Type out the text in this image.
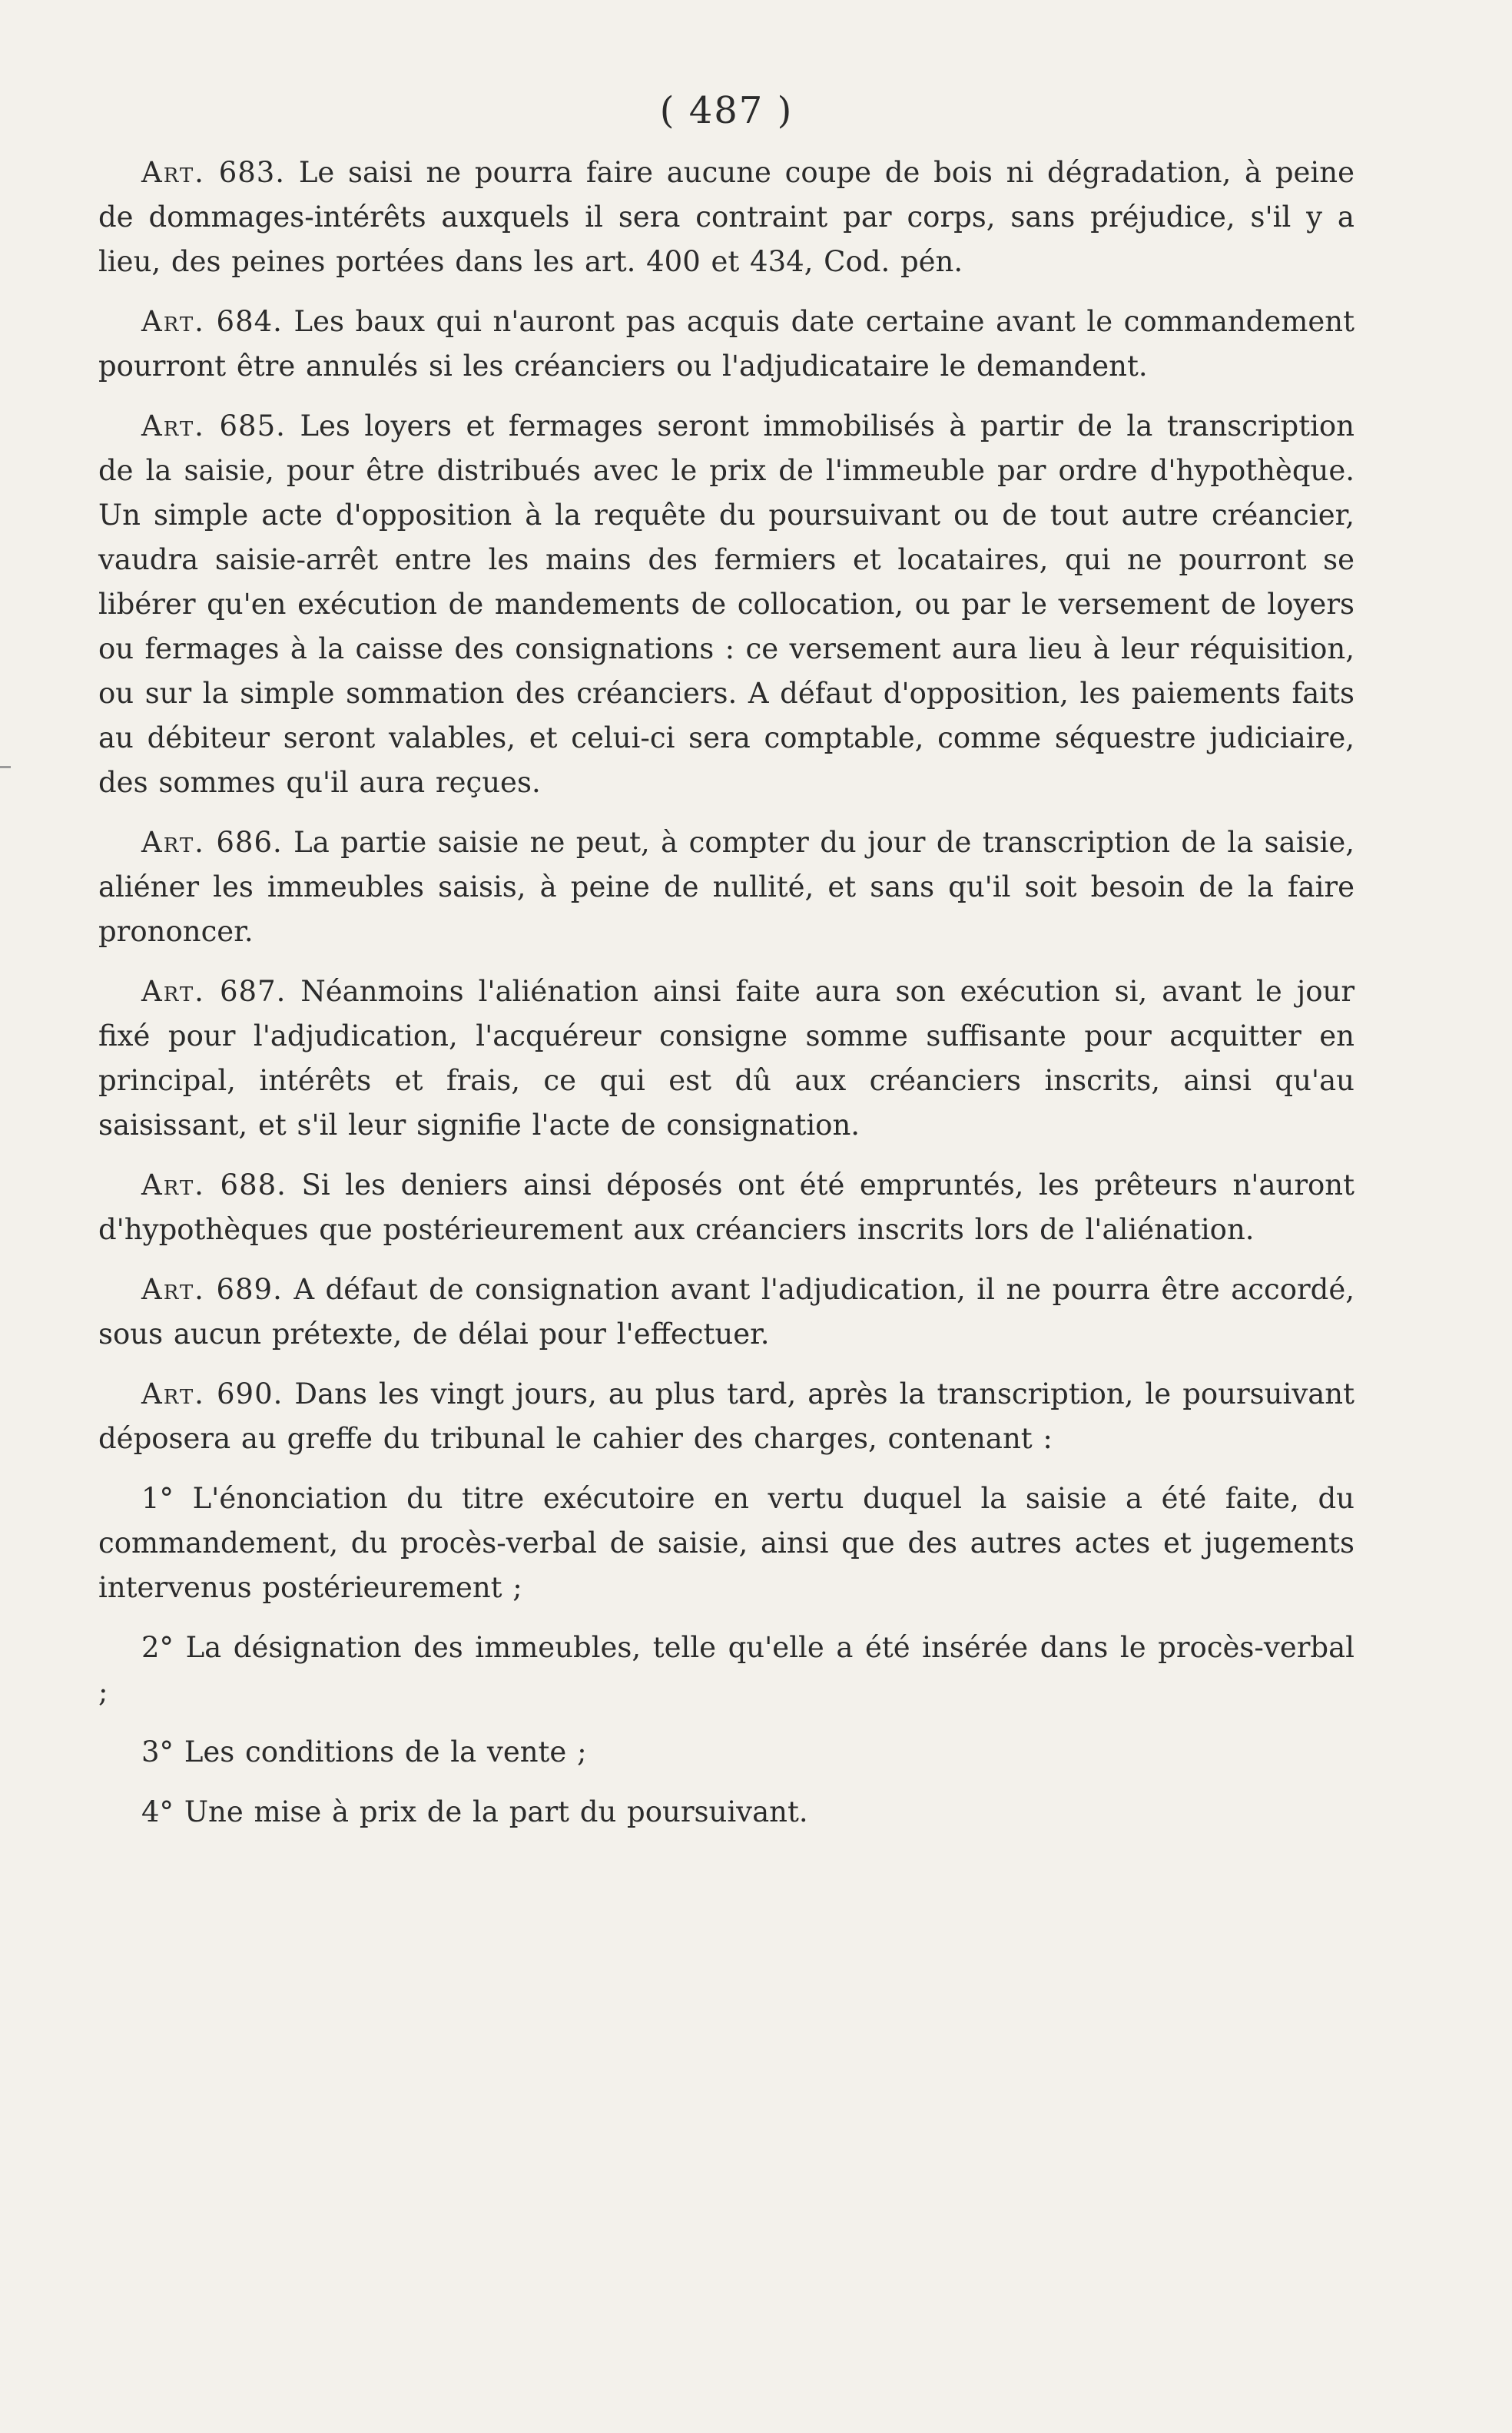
( 487 )

Art. 683. Le saisi ne pourra faire aucune coupe de bois ni dégradation, à peine de dommages-intérêts auxquels il sera contraint par corps, sans préjudice, s'il y a lieu, des peines portées dans les art. 400 et 434, Cod. pén.

Art. 684. Les baux qui n'auront pas acquis date certaine avant le commandement pourront être annulés si les créanciers ou l'adjudicataire le demandent.

Art. 685. Les loyers et fermages seront immobilisés à partir de la transcription de la saisie, pour être distribués avec le prix de l'immeuble par ordre d'hypothèque. Un simple acte d'opposition à la requête du poursuivant ou de tout autre créancier, vaudra saisie-arrêt entre les mains des fermiers et locataires, qui ne pourront se libérer qu'en exécution de mandements de collocation, ou par le versement de loyers ou fermages à la caisse des consignations : ce versement aura lieu à leur réquisition, ou sur la simple sommation des créanciers. A défaut d'opposition, les paiements faits au débiteur seront valables, et celui-ci sera comptable, comme séquestre judiciaire, des sommes qu'il aura reçues.

Art. 686. La partie saisie ne peut, à compter du jour de transcription de la saisie, aliéner les immeubles saisis, à peine de nullité, et sans qu'il soit besoin de la faire prononcer.

Art. 687. Néanmoins l'aliénation ainsi faite aura son exécution si, avant le jour fixé pour l'adjudication, l'acquéreur consigne somme suffisante pour acquitter en principal, intérêts et frais, ce qui est dû aux créanciers inscrits, ainsi qu'au saisissant, et s'il leur signifie l'acte de consignation.

Art. 688. Si les deniers ainsi déposés ont été empruntés, les prêteurs n'auront d'hypothèques que postérieurement aux créanciers inscrits lors de l'aliénation.

Art. 689. A défaut de consignation avant l'adjudication, il ne pourra être accordé, sous aucun prétexte, de délai pour l'effectuer.

Art. 690. Dans les vingt jours, au plus tard, après la transcription, le poursuivant déposera au greffe du tribunal le cahier des charges, contenant :

1° L'énonciation du titre exécutoire en vertu duquel la saisie a été faite, du commandement, du procès-verbal de saisie, ainsi que des autres actes et jugements intervenus postérieurement ;

2° La désignation des immeubles, telle qu'elle a été insérée dans le procès-verbal ;

3° Les conditions de la vente ;

4° Une mise à prix de la part du poursuivant.
